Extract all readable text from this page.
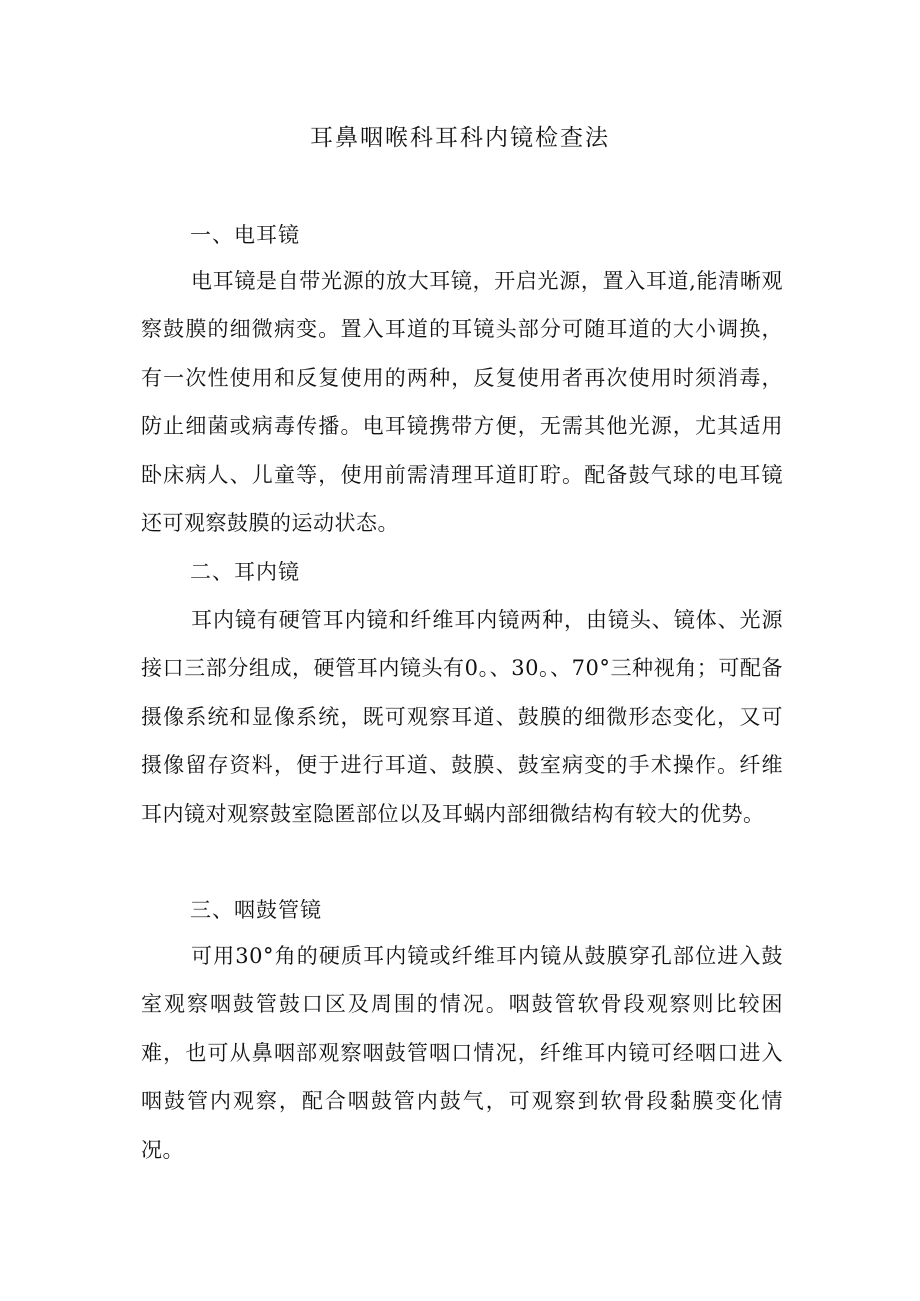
耳鼻咽喉科耳科内镜检查法
一、电耳镜

电耳镜是自带光源的放大耳镜，开启光源，置入耳道,能清晰观察鼓膜的细微病变。置入耳道的耳镜头部分可随耳道的大小调换，有一次性使用和反复使用的两种，反复使用者再次使用时须消毒，防止细菌或病毒传播。电耳镜携带方便，无需其他光源，尤其适用卧床病人、儿童等，使用前需清理耳道盯聍。配备鼓气球的电耳镜还可观察鼓膜的运动状态。

二、耳内镜

耳内镜有硬管耳内镜和纤维耳内镜两种，由镜头、镜体、光源接口三部分组成，硬管耳内镜头有0。、30。、70°三种视角；可配备摄像系统和显像系统，既可观察耳道、鼓膜的细微形态变化，又可摄像留存资料，便于进行耳道、鼓膜、鼓室病变的手术操作。纤维耳内镜对观察鼓室隐匿部位以及耳蜗内部细微结构有较大的优势。

三、咽鼓管镜

可用30°角的硬质耳内镜或纤维耳内镜从鼓膜穿孔部位进入鼓室观察咽鼓管鼓口区及周围的情况。咽鼓管软骨段观察则比较困难，也可从鼻咽部观察咽鼓管咽口情况，纤维耳内镜可经咽口进入咽鼓管内观察，配合咽鼓管内鼓气，可观察到软骨段黏膜变化情况。
